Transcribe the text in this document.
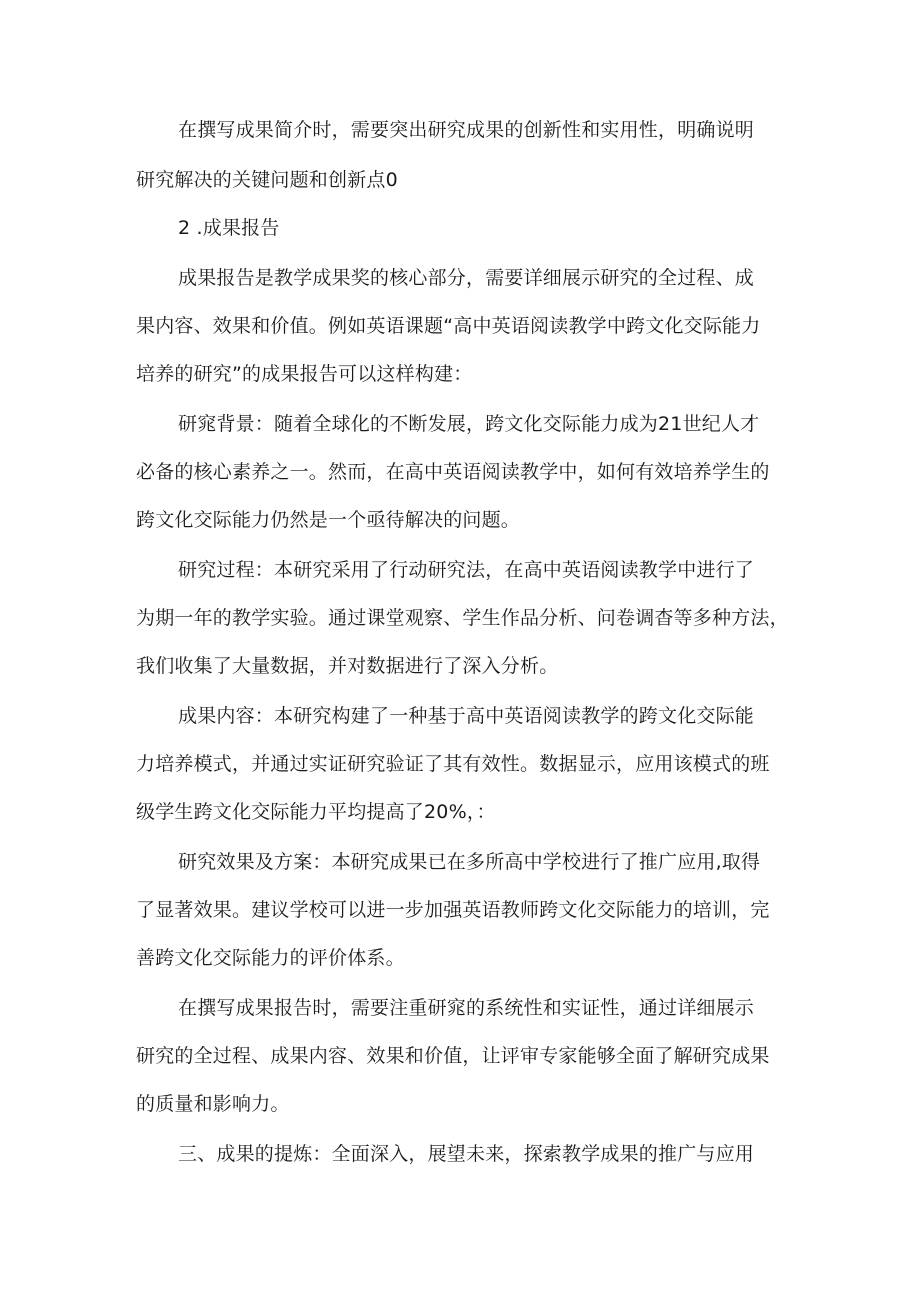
在撰写成果简介时，需要突出研究成果的创新性和实用性，明确说明
研究解决的关键问题和创新点0
2 .成果报告
成果报告是教学成果奖的核心部分，需要详细展示研究的全过程、成
果内容、效果和价值。例如英语课题“高中英语阅读教学中跨文化交际能力
培养的研究”的成果报告可以这样构建：
研窕背景：随着全球化的不断发展，跨文化交际能力成为21世纪人才
必备的核心素养之一。然而，在高中英语阅读教学中，如何有效培养学生的
跨文化交际能力仍然是一个亟待解决的问题。
研究过程：本研究采用了行动研究法，在高中英语阅读教学中进行了
为期一年的教学实验。通过课堂观察、学生作品分析、问卷调杳等多种方法，
我们收集了大量数据，并对数据进行了深入分析。
成果内容：本研究构建了一种基于高中英语阅读教学的跨文化交际能
力培养模式，并通过实证研究验证了其有效性。数据显示，应用该模式的班
级学生跨文化交际能力平均提高了20%，：
研究效果及方案：本研究成果已在多所高中学校进行了推广应用,取得
了显著效果。建议学校可以进一步加强英语教师跨文化交际能力的培训，完
善跨文化交际能力的评价体系。
在撰写成果报告时，需要注重研窕的系统性和实证性，通过详细展示
研究的全过程、成果内容、效果和价值，让评审专家能够全面了解研究成果
的质量和影响力。
三、成果的提炼：全面深入，展望未来，探索教学成果的推广与应用
